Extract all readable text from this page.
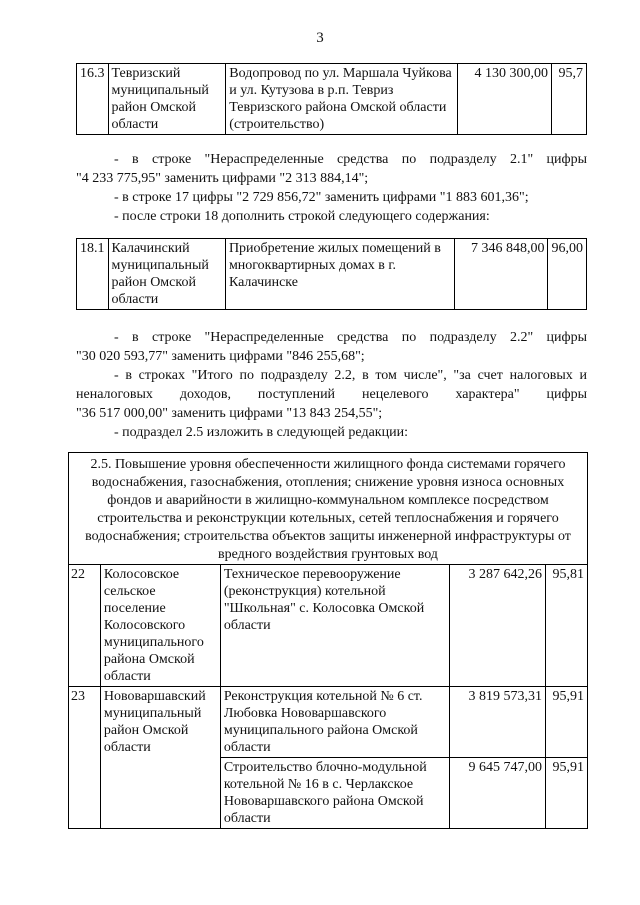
3
16.3	Тевризский муниципальный район Омской области	Водопровод по ул. Маршала Чуйкова и ул. Кутузова в р.п. Тевриз Тевризского района Омской области (строительство)	4 130 300,00	95,7

- в строке "Нераспределенные средства по подразделу 2.1" цифры

"4 233 775,95" заменить цифрами "2 313 884,14";

- в строке 17 цифры "2 729 856,72" заменить цифрами "1 883 601,36";

- после строки 18 дополнить строкой следующего содержания:

18.1	Калачинский муниципальный район Омской области	Приобретение жилых помещений в многоквартирных домах в г. Калачинске	7 346 848,00	96,00

- в строке "Нераспределенные средства по подразделу 2.2" цифры

"30 020 593,77" заменить цифрами "846 255,68";

- в строках "Итого по подразделу 2.2, в том числе", "за счет налоговых и

неналоговых доходов, поступлений нецелевого характера" цифры

"36 517 000,00" заменить цифрами "13 843 254,55";

- подраздел 2.5 изложить в следующей редакции:

2.5. Повышение уровня обеспеченности жилищного фонда системами горячего водоснабжения, газоснабжения, отопления; снижение уровня износа основных фондов и аварийности в жилищно-коммунальном комплексе посредством строительства и реконструкции котельных, сетей теплоснабжения и горячего водоснабжения; строительства объектов защиты инженерной инфраструктуры от вредного воздействия грунтовых вод				
22	Колосовское сельское поселение Колосовского муниципального района Омской области	Техническое перевооружение (реконструкция) котельной "Школьная" с. Колосовка Омской области	3 287 642,26	95,81
23	Нововаршавский муниципальный район Омской области	Реконструкция котельной № 6 ст. Любовка Нововаршавского муниципального района Омской области	3 819 573,31	95,91
		Строительство блочно-модульной котельной № 16 в с. Черлакское Нововаршавского района Омской области	9 645 747,00	95,91
